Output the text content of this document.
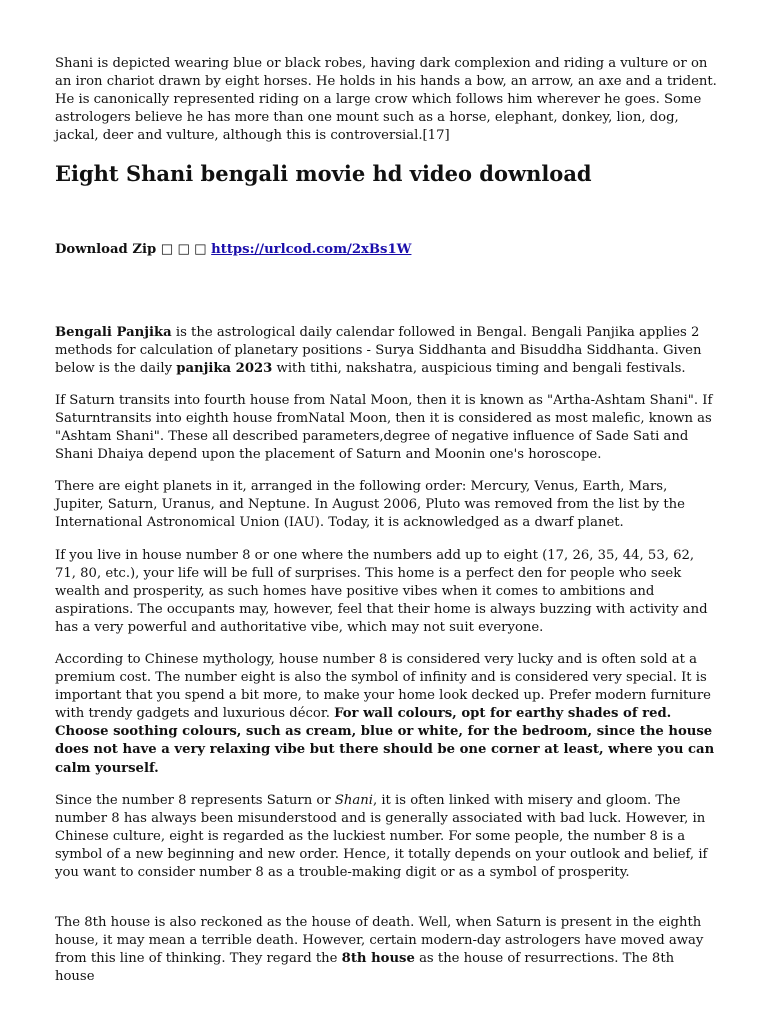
Shani is depicted wearing blue or black robes, having dark complexion and riding a vulture or on an iron chariot drawn by eight horses. He holds in his hands a bow, an arrow, an axe and a trident. He is canonically represented riding on a large crow which follows him wherever he goes. Some astrologers believe he has more than one mount such as a horse, elephant, donkey, lion, dog, jackal, deer and vulture, although this is controversial.[17]

Eight Shani bengali movie hd video download

Download Zip □ □ □ https://urlcod.com/2xBs1W

Bengali Panjika is the astrological daily calendar followed in Bengal. Bengali Panjika applies 2 methods for calculation of planetary positions - Surya Siddhanta and Bisuddha Siddhanta. Given below is the daily panjika 2023 with tithi, nakshatra, auspicious timing and bengali festivals.

If Saturn transits into fourth house from Natal Moon, then it is known as "Artha-Ashtam Shani". If Saturntransits into eighth house fromNatal Moon, then it is considered as most malefic, known as "Ashtam Shani". These all described parameters,degree of negative influence of Sade Sati and Shani Dhaiya depend upon the placement of Saturn and Moonin one's horoscope.

There are eight planets in it, arranged in the following order: Mercury, Venus, Earth, Mars, Jupiter, Saturn, Uranus, and Neptune. In August 2006, Pluto was removed from the list by the International Astronomical Union (IAU). Today, it is acknowledged as a dwarf planet.

If you live in house number 8 or one where the numbers add up to eight (17, 26, 35, 44, 53, 62, 71, 80, etc.), your life will be full of surprises. This home is a perfect den for people who seek wealth and prosperity, as such homes have positive vibes when it comes to ambitions and aspirations. The occupants may, however, feel that their home is always buzzing with activity and has a very powerful and authoritative vibe, which may not suit everyone.

According to Chinese mythology, house number 8 is considered very lucky and is often sold at a premium cost. The number eight is also the symbol of infinity and is considered very special. It is important that you spend a bit more, to make your home look decked up. Prefer modern furniture with trendy gadgets and luxurious décor. For wall colours, opt for earthy shades of red. Choose soothing colours, such as cream, blue or white, for the bedroom, since the house does not have a very relaxing vibe but there should be one corner at least, where you can calm yourself.

Since the number 8 represents Saturn or Shani, it is often linked with misery and gloom. The number 8 has always been misunderstood and is generally associated with bad luck. However, in Chinese culture, eight is regarded as the luckiest number. For some people, the number 8 is a symbol of a new beginning and new order. Hence, it totally depends on your outlook and belief, if you want to consider number 8 as a trouble-making digit or as a symbol of prosperity.

The 8th house is also reckoned as the house of death. Well, when Saturn is present in the eighth house, it may mean a terrible death. However, certain modern-day astrologers have moved away from this line of thinking. They regard the 8th house as the house of resurrections. The 8th house
